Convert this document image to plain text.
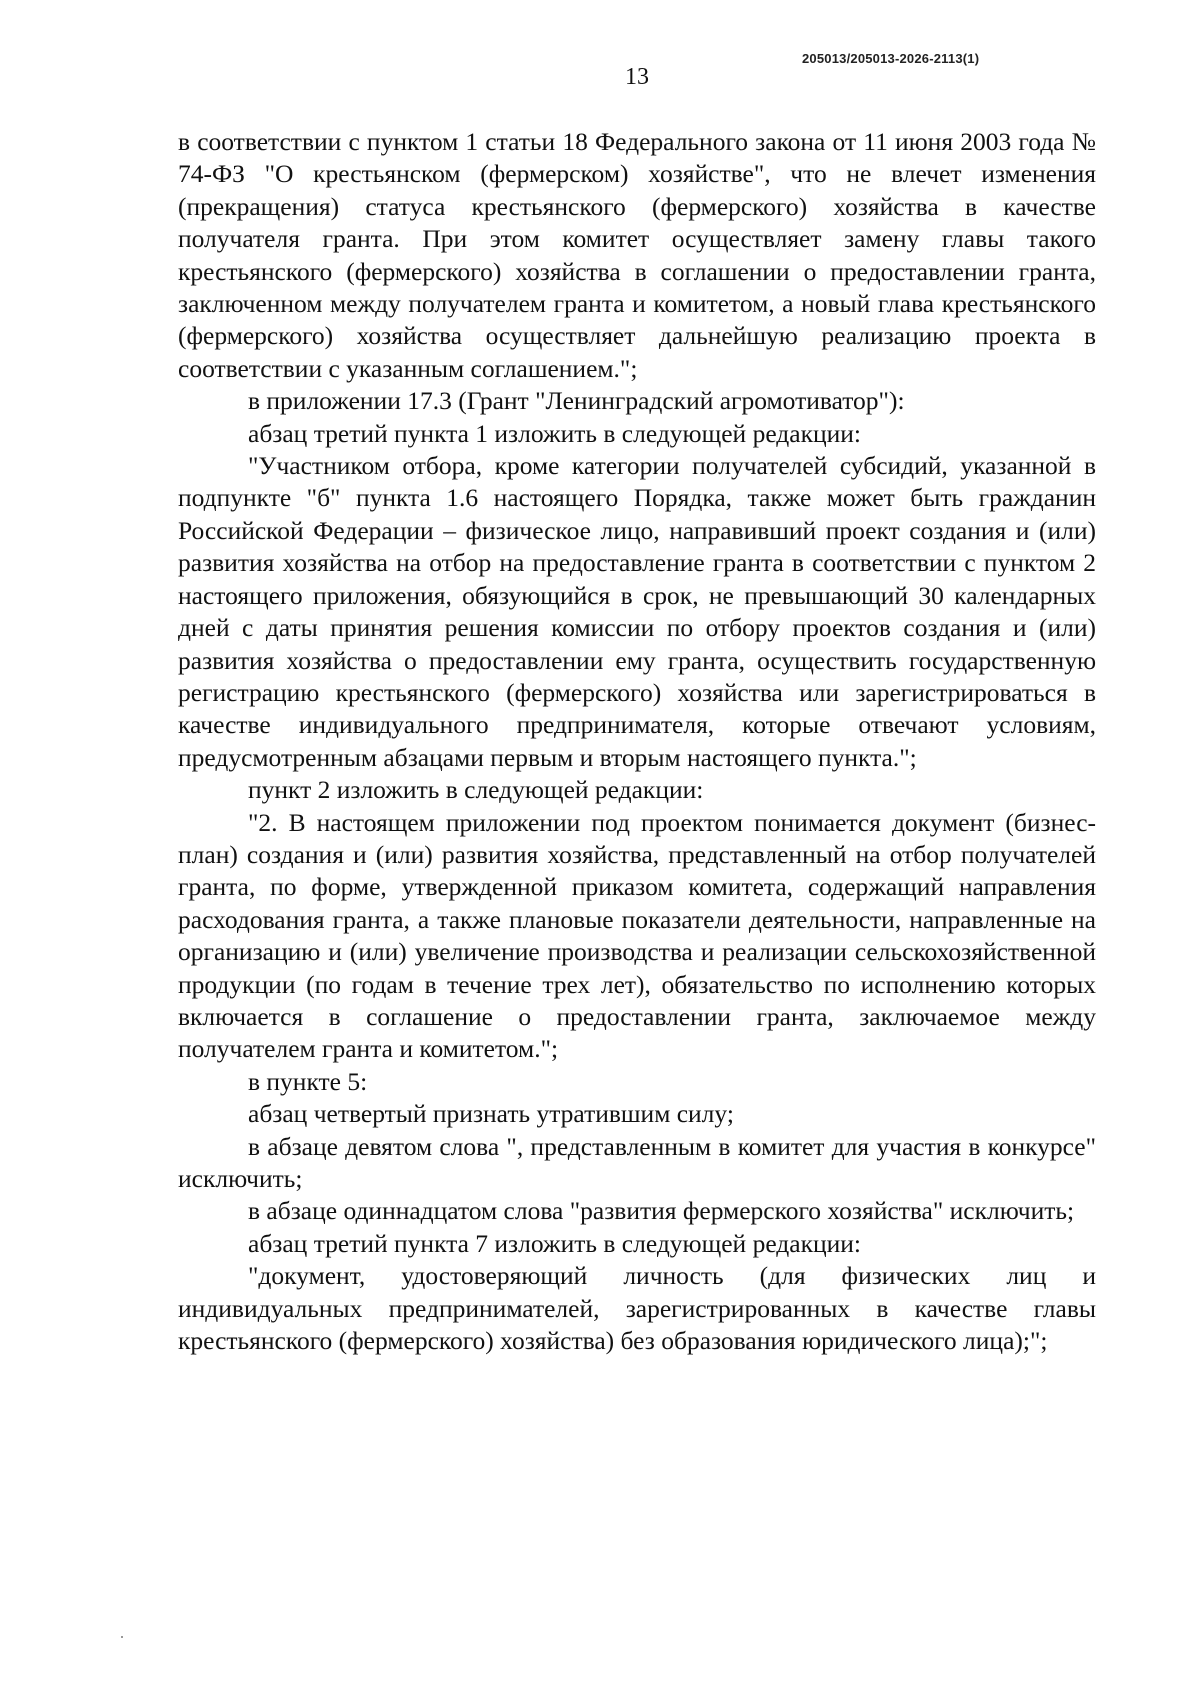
205013/205013-2026-2113(1)
13

в соответствии с пунктом 1 статьи 18 Федерального закона от 11 июня 2003 года № 74-ФЗ "О крестьянском (фермерском) хозяйстве", что не влечет изменения (прекращения) статуса крестьянского (фермерского) хозяйства в качестве получателя гранта. При этом комитет осуществляет замену главы такого крестьянского (фермерского) хозяйства в соглашении о предоставлении гранта, заключенном между получателем гранта и комитетом, а новый глава крестьянского (фермерского) хозяйства осуществляет дальнейшую реализацию проекта в соответствии с указанным соглашением.";

в приложении 17.3 (Грант "Ленинградский агромотиватор"):

абзац третий пункта 1 изложить в следующей редакции:

"Участником отбора, кроме категории получателей субсидий, указанной в подпункте "б" пункта 1.6 настоящего Порядка, также может быть гражданин Российской Федерации – физическое лицо, направивший проект создания и (или) развития хозяйства на отбор на предоставление гранта в соответствии с пунктом 2 настоящего приложения, обязующийся в срок, не превышающий 30 календарных дней с даты принятия решения комиссии по отбору проектов создания и (или) развития хозяйства о предоставлении ему гранта, осуществить государственную регистрацию крестьянского (фермерского) хозяйства или зарегистрироваться в качестве индивидуального предпринимателя, которые отвечают условиям, предусмотренным абзацами первым и вторым настоящего пункта.";

пункт 2 изложить в следующей редакции:

"2. В настоящем приложении под проектом понимается документ (бизнес-план) создания и (или) развития хозяйства, представленный на отбор получателей гранта, по форме, утвержденной приказом комитета, содержащий направления расходования гранта, а также плановые показатели деятельности, направленные на организацию и (или) увеличение производства и реализации сельскохозяйственной продукции (по годам в течение трех лет), обязательство по исполнению которых включается в соглашение о предоставлении гранта, заключаемое между получателем гранта и комитетом.";

в пункте 5:

абзац четвертый признать утратившим силу;

в абзаце девятом слова ", представленным в комитет для участия в конкурсе" исключить;

в абзаце одиннадцатом слова "развития фермерского хозяйства" исключить;

абзац третий пункта 7 изложить в следующей редакции:

"документ, удостоверяющий личность (для физических лиц и индивидуальных предпринимателей, зарегистрированных в качестве главы крестьянского (фермерского) хозяйства) без образования юридического лица);";
